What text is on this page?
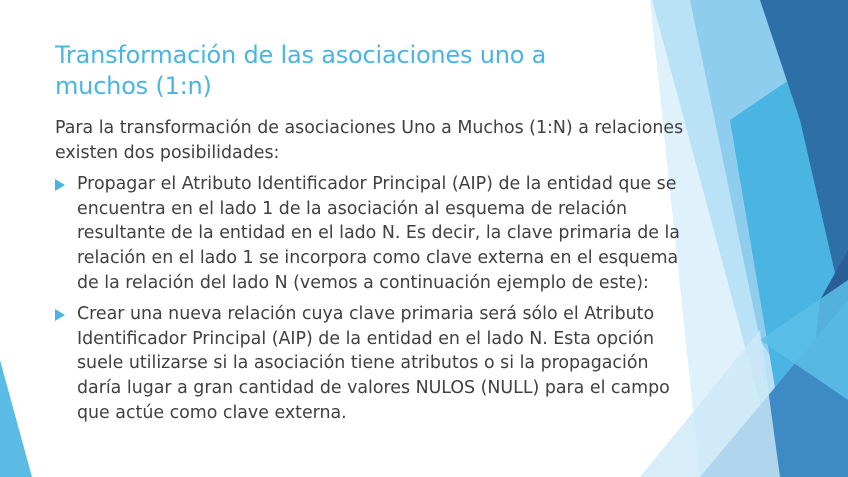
Transformación de las asociaciones uno a muchos (1:n)

Para la transformación de asociaciones Uno a Muchos (1:N) a relaciones existen dos posibilidades:

Propagar el Atributo Identificador Principal (AIP) de la entidad que se encuentra en el lado 1 de la asociación al esquema de relación resultante de la entidad en el lado N. Es decir, la clave primaria de la relación en el lado 1 se incorpora como clave externa en el esquema de la relación del lado N (vemos a continuación ejemplo de este):
Crear una nueva relación cuya clave primaria será sólo el Atributo Identificador Principal (AIP) de la entidad en el lado N. Esta opción suele utilizarse si la asociación tiene atributos o si la propagación daría lugar a gran cantidad de valores NULOS (NULL) para el campo que actúe como clave externa.
